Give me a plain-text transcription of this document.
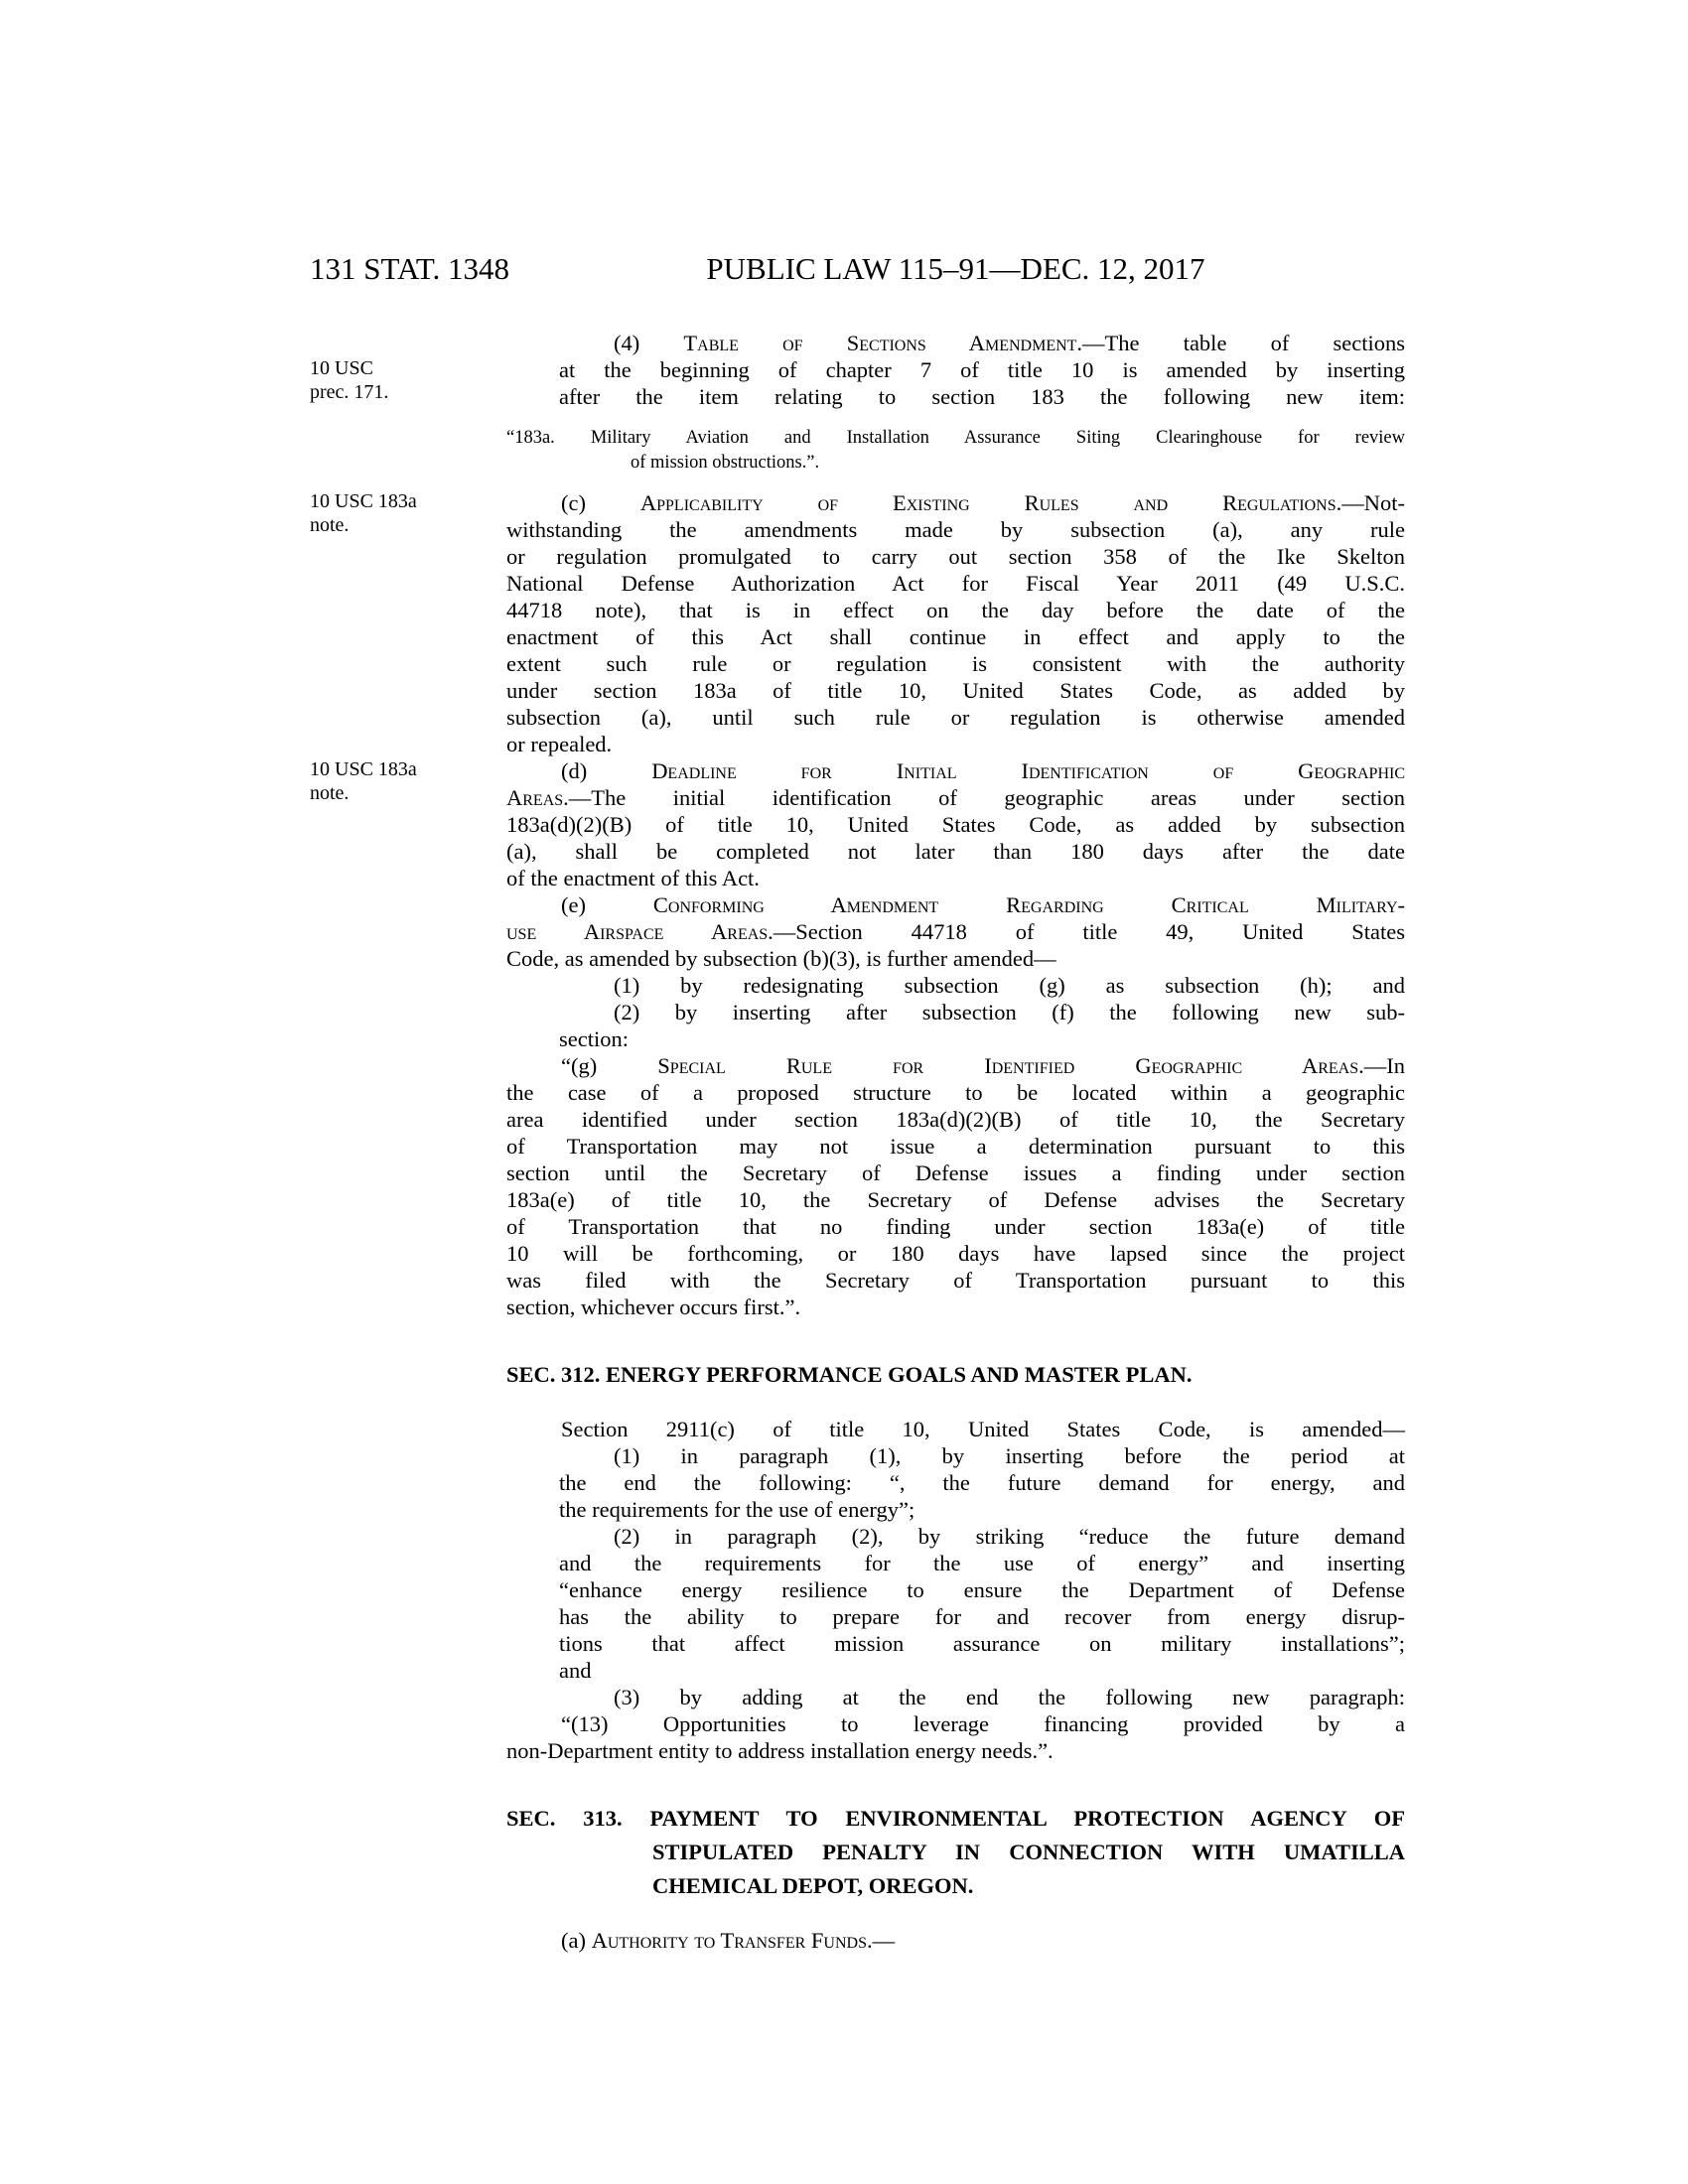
131 STAT. 1348	PUBLIC LAW 115–91—DEC. 12, 2017
10 USC
prec. 171.
(4) Table of Sections Amendment.—The table of sections
at the beginning of chapter 7 of title 10 is amended by inserting
after the item relating to section 183 the following new item:
“183a. Military Aviation and Installation Assurance Siting Clearinghouse for review
of mission obstructions.”.
10 USC 183a
note.
(c) Applicability of Existing Rules and Regulations.—Not-
withstanding the amendments made by subsection (a), any rule
or regulation promulgated to carry out section 358 of the Ike Skelton
National Defense Authorization Act for Fiscal Year 2011 (49 U.S.C.
44718 note), that is in effect on the day before the date of the
enactment of this Act shall continue in effect and apply to the
extent such rule or regulation is consistent with the authority
under section 183a of title 10, United States Code, as added by
subsection (a), until such rule or regulation is otherwise amended
or repealed.
10 USC 183a
note.
(d) Deadline for Initial Identification of Geographic
Areas.—The initial identification of geographic areas under section
183a(d)(2)(B) of title 10, United States Code, as added by subsection
(a), shall be completed not later than 180 days after the date
of the enactment of this Act.
(e) Conforming Amendment Regarding Critical Military-
use Airspace Areas.—Section 44718 of title 49, United States
Code, as amended by subsection (b)(3), is further amended—
(1) by redesignating subsection (g) as subsection (h); and
(2) by inserting after subsection (f) the following new sub-
section:
“(g) Special Rule for Identified Geographic Areas.—In
the case of a proposed structure to be located within a geographic
area identified under section 183a(d)(2)(B) of title 10, the Secretary
of Transportation may not issue a determination pursuant to this
section until the Secretary of Defense issues a finding under section
183a(e) of title 10, the Secretary of Defense advises the Secretary
of Transportation that no finding under section 183a(e) of title
10 will be forthcoming, or 180 days have lapsed since the project
was filed with the Secretary of Transportation pursuant to this
section, whichever occurs first.”.
SEC. 312. ENERGY PERFORMANCE GOALS AND MASTER PLAN.
Section 2911(c) of title 10, United States Code, is amended—
(1) in paragraph (1), by inserting before the period at
the end the following: “, the future demand for energy, and
the requirements for the use of energy”;
(2) in paragraph (2), by striking “reduce the future demand
and the requirements for the use of energy” and inserting
“enhance energy resilience to ensure the Department of Defense
has the ability to prepare for and recover from energy disrup-
tions that affect mission assurance on military installations”;
and
(3) by adding at the end the following new paragraph:
“(13) Opportunities to leverage financing provided by a
non-Department entity to address installation energy needs.”.
SEC. 313. PAYMENT TO ENVIRONMENTAL PROTECTION AGENCY OF
STIPULATED PENALTY IN CONNECTION WITH UMATILLA
CHEMICAL DEPOT, OREGON.
(a) Authority to Transfer Funds.—
